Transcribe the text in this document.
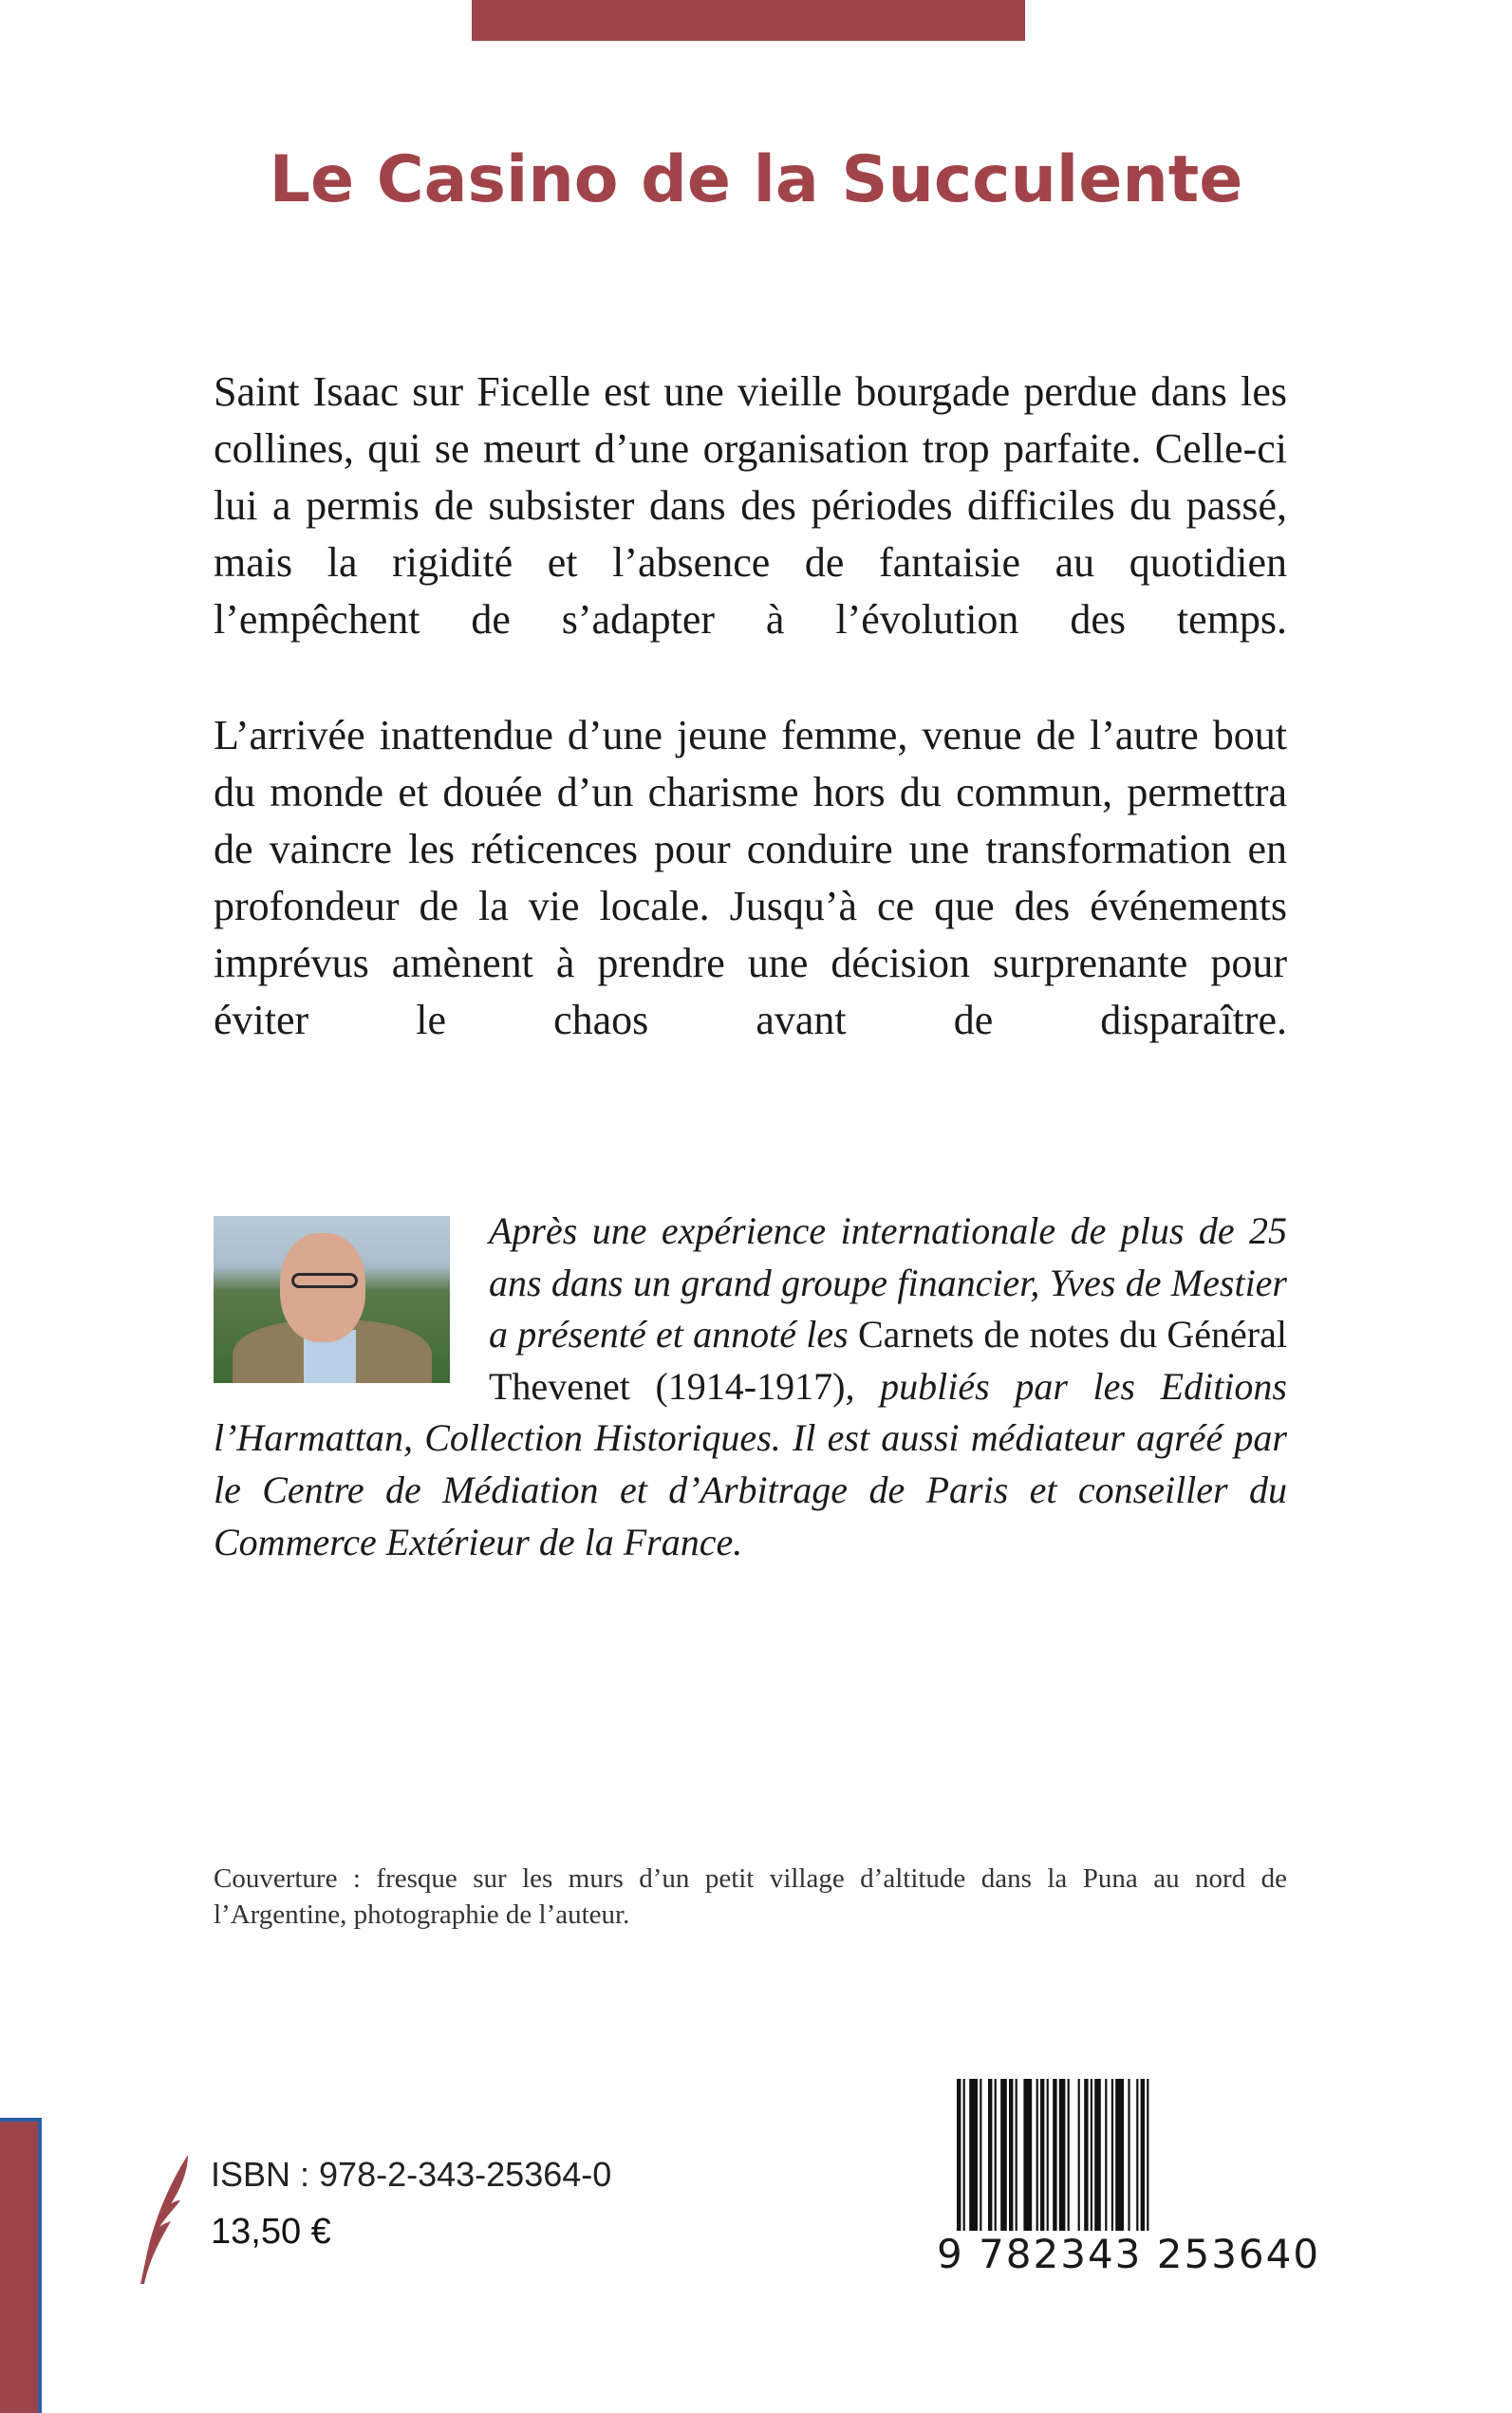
Le Casino de la Succulente
Saint Isaac sur Ficelle est une vieille bourgade perdue dans les collines, qui se meurt d’une organisation trop parfaite. Celle-ci lui a permis de subsister dans des périodes difficiles du passé, mais la rigidité et l’absence de fantaisie au quotidien l’empêchent de s’adapter à l’évolution des temps.
L’arrivée inattendue d’une jeune femme, venue de l’autre bout du monde et douée d’un charisme hors du commun, permettra de vaincre les réticences pour conduire une transformation en profondeur de la vie locale. Jusqu’à ce que des événements imprévus amènent à prendre une décision surprenante pour éviter le chaos avant de disparaître.
Après une expérience internationale de plus de 25 ans dans un grand groupe financier, Yves de Mestier a présenté et annoté les Carnets de notes du Général Thevenet (1914-1917), publiés par les Editions l’Harmattan, Collection Historiques. Il est aussi médiateur agréé par le Centre de Médiation et d’Arbitrage de Paris et conseiller du Commerce Extérieur de la France.
Couverture : fresque sur les murs d’un petit village d’altitude dans la Puna au nord de l’Argentine, photographie de l’auteur.
ISBN : 978-2-343-25364-0
13,50 €	9 782343 253640
